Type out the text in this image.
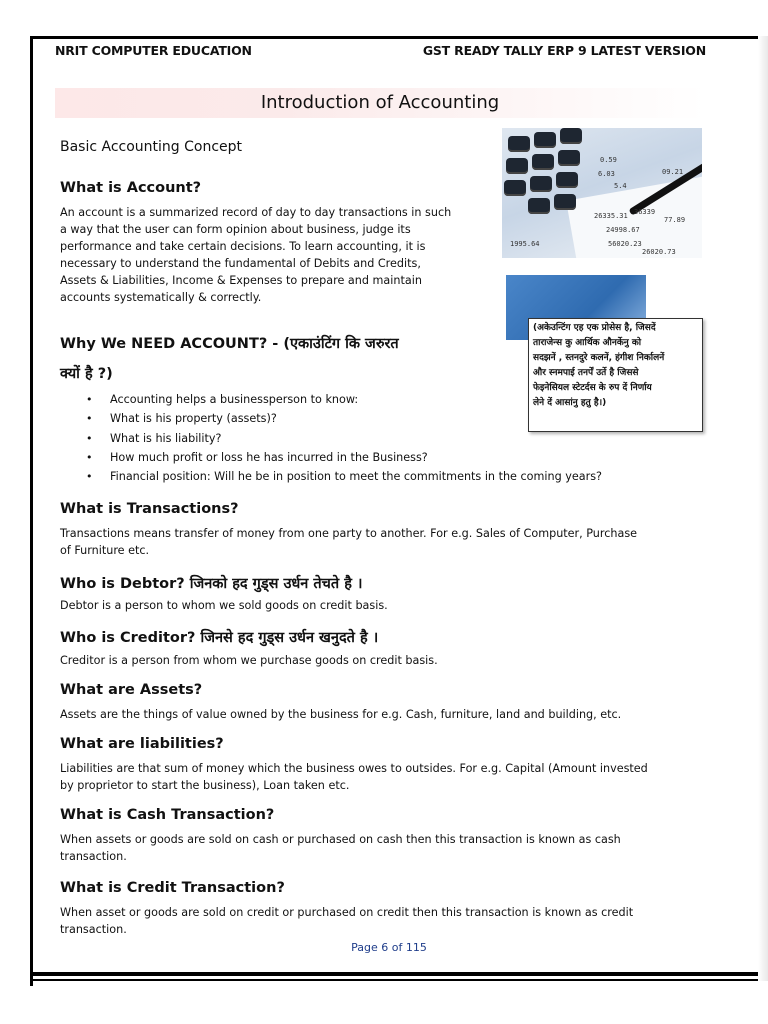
NRIT COMPUTER EDUCATION	GST READY TALLY ERP 9 LATEST VERSION
Introduction of Accounting
Basic Accounting Concept
0.59
6.03
5.4
26335.31 36339
24998.67
56020.23
1995.64
26020.73
09.21
77.89
What is Account?
An account is a summarized record of day to day transactions in such
a way that the user can form opinion about business, judge its
performance and take certain decisions. To learn accounting, it is
necessary to understand the fundamental of Debits and Credits,
Assets & Liabilities, Income & Expenses to prepare and maintain
accounts systematically & correctly.
(अकेउन्टिंग एह एक प्रोसेस है, जिसदें
ताराजेन्स कु आर्थिक औनर्केनु को
सदझनें , स्तनदुरे कलनें, हंगीश निर्कालनें
और स्नमपाई तनर्पें उर्ते है जिससे
फेइनेसियल स्टेटर्दस के रुप दें निर्णाय
लेने दें आसांनु हतु है।)
Why We NEED ACCOUNT? - (एकाउंटिंग कि जरुरत
क्यों है ?)
• Accounting helps a businessperson to know:
• What is his property (assets)?
• What is his liability?
• How much profit or loss he has incurred in the Business?
• Financial position: Will he be in position to meet the commitments in the coming years?
What is Transactions?
Transactions means transfer of money from one party to another. For e.g. Sales of Computer, Purchase
of Furniture etc.
Who is Debtor? जिनको हद गुड्स उर्धन तेचते है ।
Debtor is a person to whom we sold goods on credit basis.
Who is Creditor? जिनसे हद गुड्स उर्धन खनुदते है ।
Creditor is a person from whom we purchase goods on credit basis.
What are Assets?
Assets are the things of value owned by the business for e.g. Cash, furniture, land and building, etc.
What are liabilities?
Liabilities are that sum of money which the business owes to outsides. For e.g. Capital (Amount invested
by proprietor to start the business), Loan taken etc.
What is Cash Transaction?
When assets or goods are sold on cash or purchased on cash then this transaction is known as cash
transaction.
What is Credit Transaction?
When asset or goods are sold on credit or purchased on credit then this transaction is known as credit
transaction.
Page 6 of 115
